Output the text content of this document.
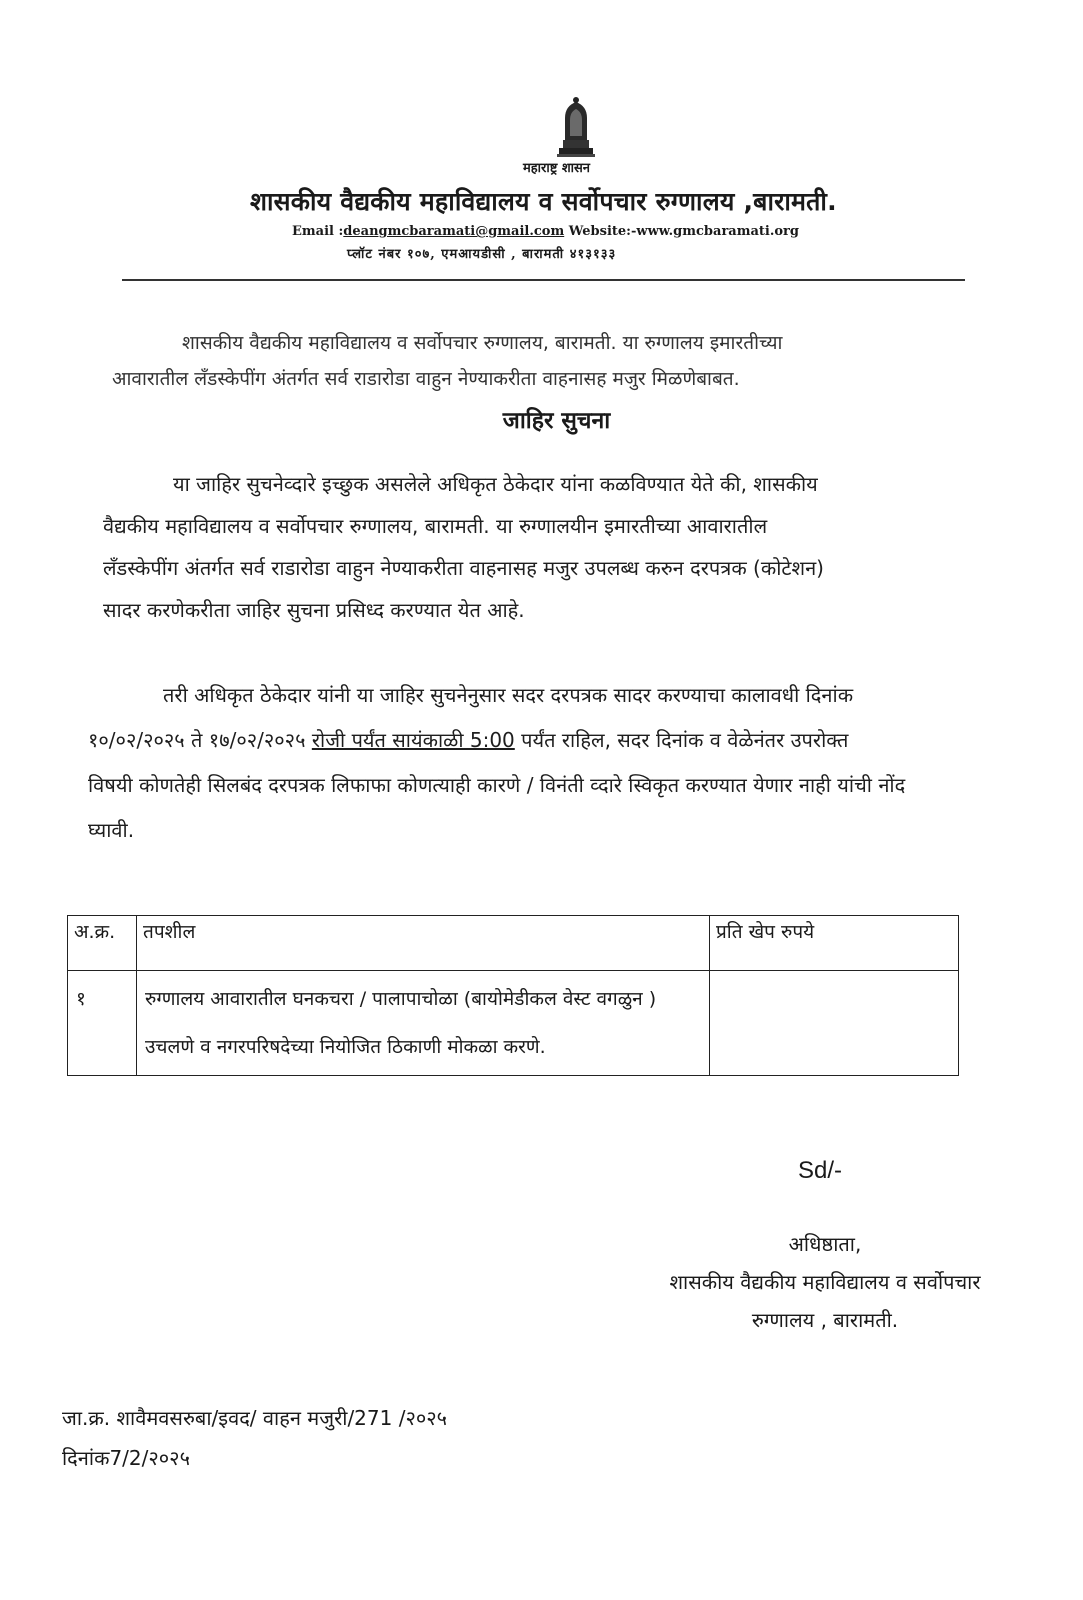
महाराष्ट्र शासन
शासकीय वैद्यकीय महाविद्यालय व सर्वोपचार रुग्णालय ,बारामती.
Email :deangmcbaramati@gmail.com Website:-www.gmcbaramati.org
प्लॉट नंबर १०७, एमआयडीसी , बारामती ४१३१३३
शासकीय वैद्यकीय महाविद्यालय व सर्वोपचार रुग्णालय, बारामती. या रुग्णालय इमारतीच्या
आवारातील लॅंडस्केपींग अंतर्गत सर्व राडारोडा वाहुन नेण्याकरीता वाहनासह मजुर मिळणेबाबत.
जाहिर सुचना
या जाहिर सुचनेव्दारे इच्छुक असलेले अधिकृत ठेकेदार यांना कळविण्यात येते की, शासकीय
वैद्यकीय महाविद्यालय व सर्वोपचार रुग्णालय, बारामती. या रुग्णालयीन इमारतीच्या आवारातील
लॅंडस्केपींग अंतर्गत सर्व राडारोडा वाहुन नेण्याकरीता वाहनासह मजुर उपलब्ध करुन दरपत्रक (कोटेशन)
सादर करणेकरीता जाहिर सुचना प्रसिध्द करण्यात येत आहे.
तरी अधिकृत ठेकेदार यांनी या जाहिर सुचनेनुसार सदर दरपत्रक सादर करण्याचा कालावधी दिनांक
१०/०२/२०२५ ते १७/०२/२०२५ रोजी पर्यंत सायंकाळी 5:00 पर्यंत राहिल, सदर दिनांक व वेळेनंतर उपरोक्त
विषयी कोणतेही सिलबंद दरपत्रक लिफाफा कोणत्याही कारणे / विनंती व्दारे स्विकृत करण्यात येणार नाही यांची नोंद
घ्यावी.
अ.क्र.	तपशील	प्रति खेप रुपये
१	रुग्णालय आवारातील घनकचरा / पालापाचोळा (बायोमेडीकल वेस्ट वगळुन ) उचलणे व नगरपरिषदेच्या नियोजित ठिकाणी मोकळा करणे.	
Sd/-
अधिष्ठाता,
शासकीय वैद्यकीय महाविद्यालय व सर्वोपचार
रुग्णालय , बारामती.
जा.क्र. शावैमवसरुबा/इवद/ वाहन मजुरी/271 /२०२५
दिनांक7/2/२०२५
